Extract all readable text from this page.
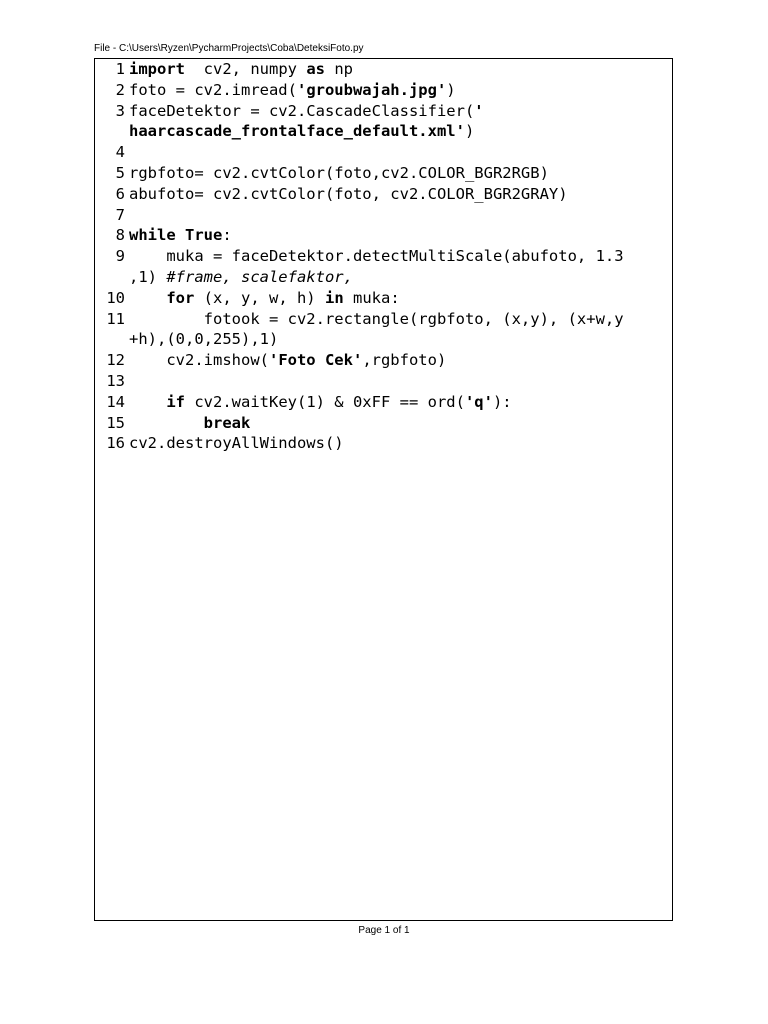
File - C:\Users\Ryzen\PycharmProjects\Coba\DeteksiFoto.py
1 import  cv2, numpy as np
2 foto = cv2.imread('groubwajah.jpg')
3 faceDetektor = cv2.CascadeClassifier('
haarcascade_frontalface_default.xml')
4
5 rgbfoto= cv2.cvtColor(foto,cv2.COLOR_BGR2RGB)
6 abufoto= cv2.cvtColor(foto, cv2.COLOR_BGR2GRAY)
7
8 while True:
9 muka = faceDetektor.detectMultiScale(abufoto, 1.3
,1) #frame, scalefaktor,
10	for (x, y, w, h) in muka:
11 fotook = cv2.rectangle(rgbfoto, (x,y), (x+w,y
+h),(0,0,255),1)
12 cv2.imshow('Foto Cek',rgbfoto)
13
14	if cv2.waitKey(1) & 0xFF == ord('q'):
15	break
16 cv2.destroyAllWindows()
Page 1 of 1
